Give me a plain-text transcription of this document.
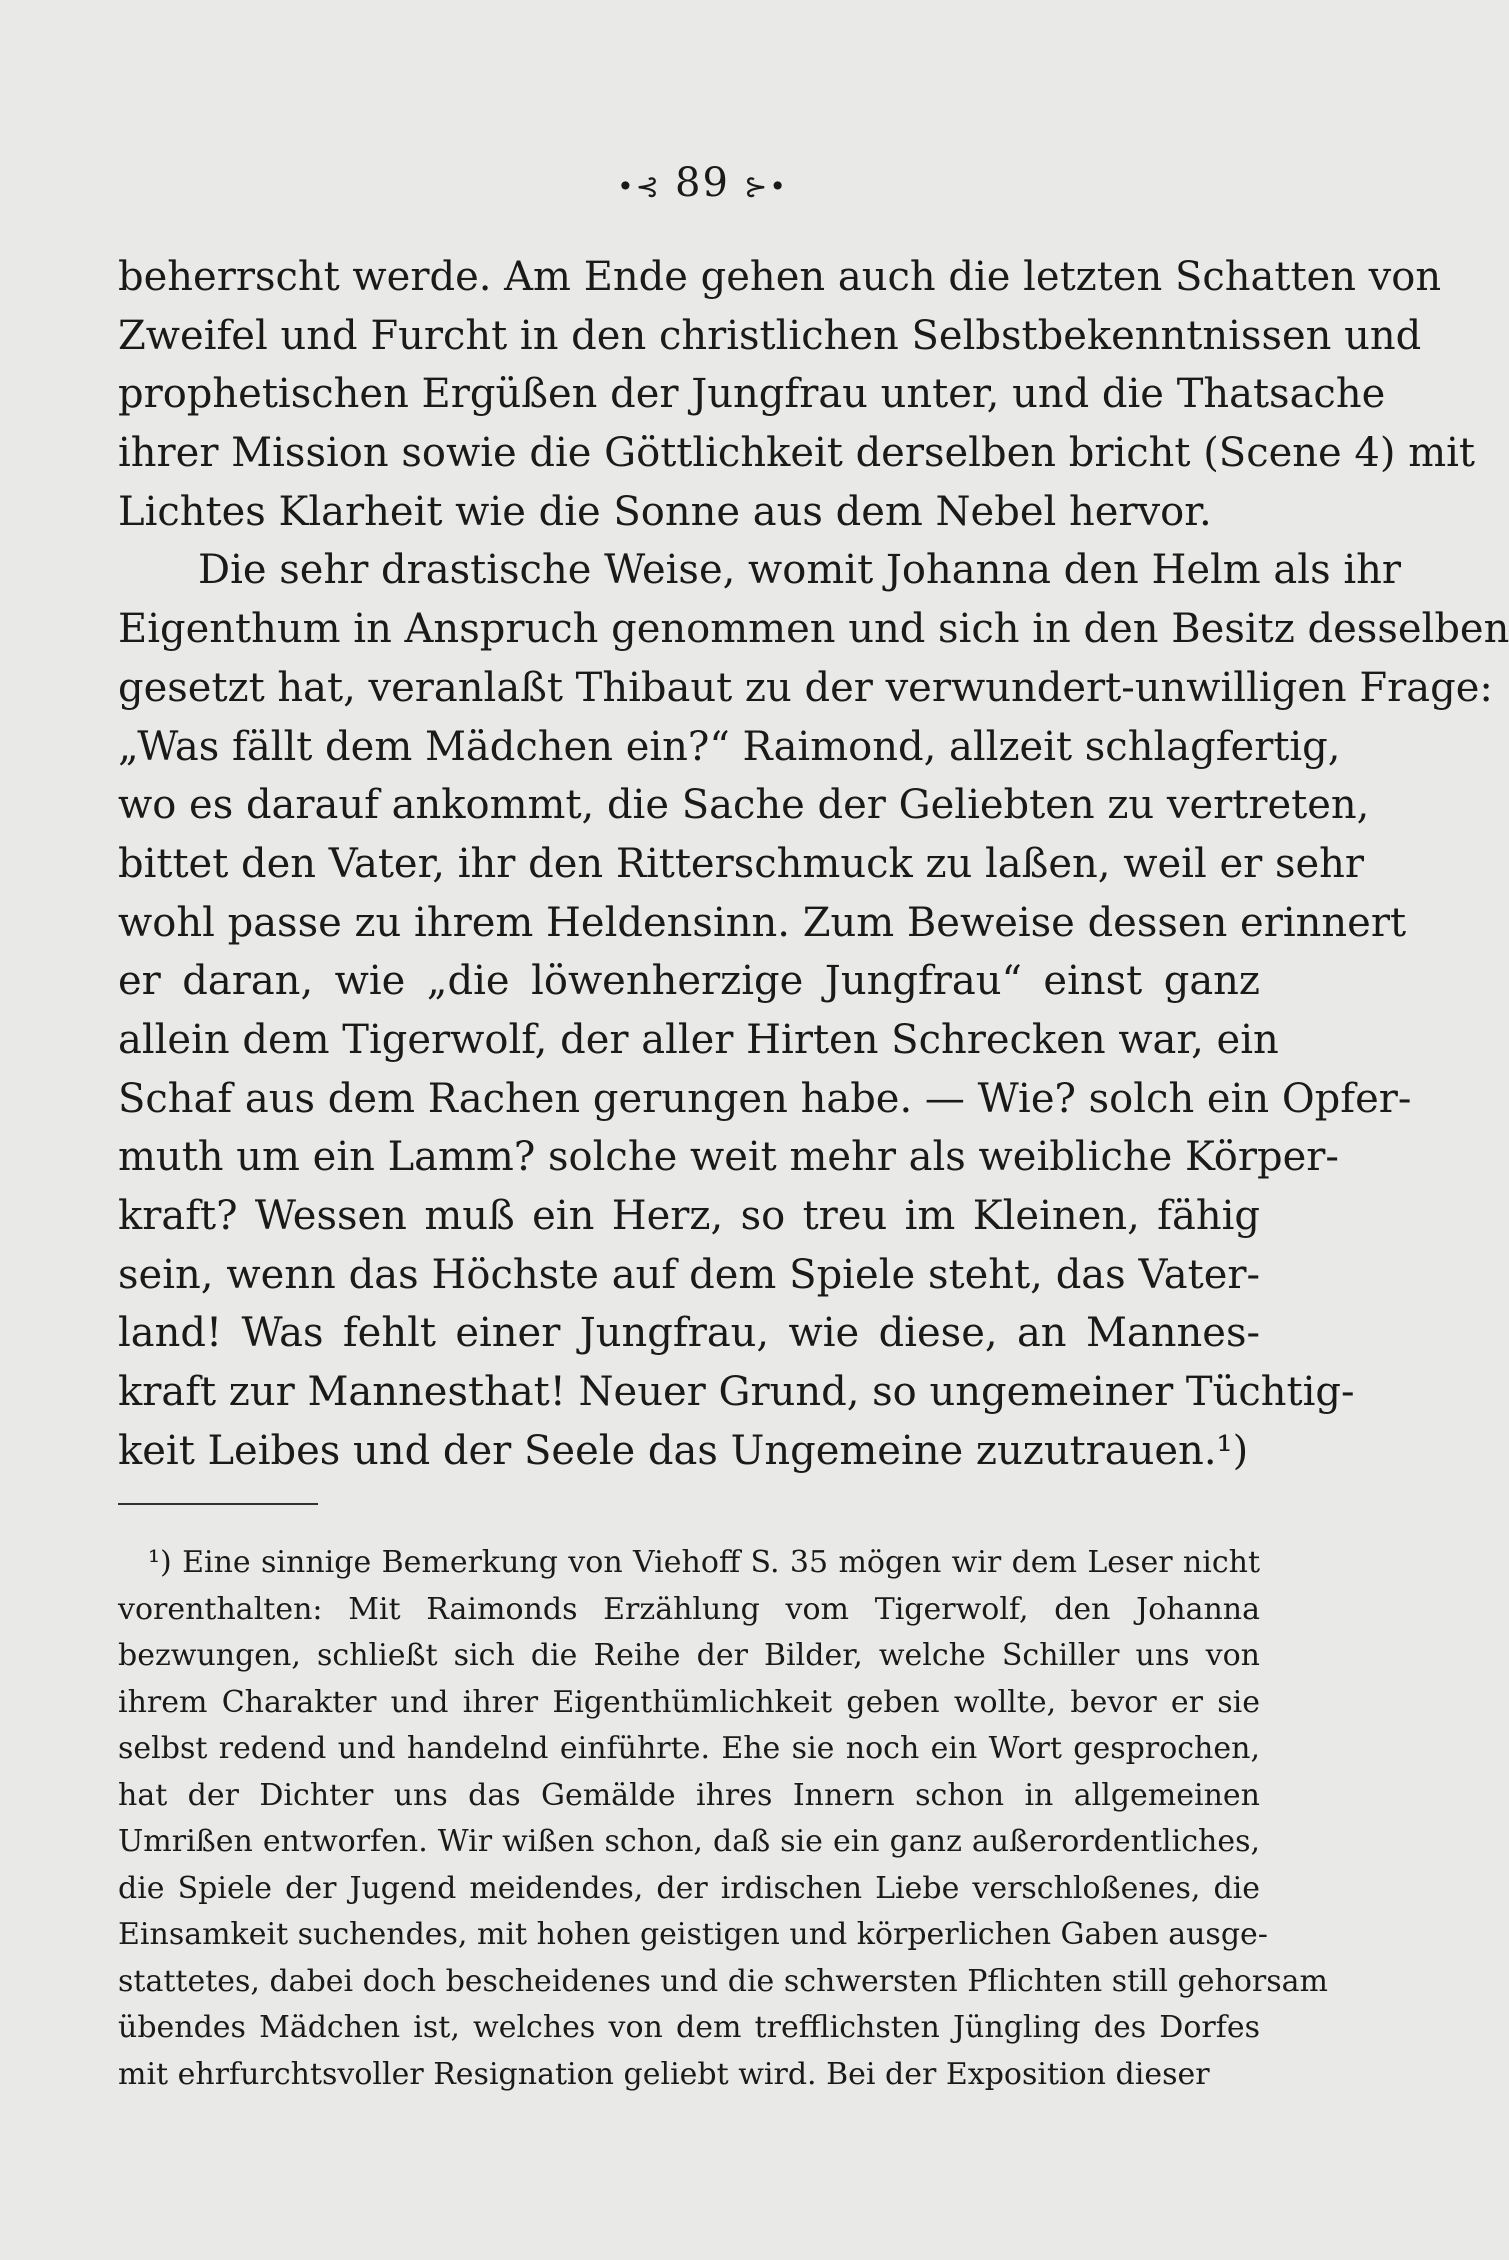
•⊰ 89 ⊱•
beherrscht werde. Am Ende gehen auch die letzten Schatten von
Zweifel und Furcht in den christlichen Selbstbekenntnissen und
prophetischen Ergüßen der Jungfrau unter, und die Thatsache
ihrer Mission sowie die Göttlichkeit derselben bricht (Scene 4) mit
Lichtes Klarheit wie die Sonne aus dem Nebel hervor.
Die sehr drastische Weise, womit Johanna den Helm als ihr
Eigenthum in Anspruch genommen und sich in den Besitz desselben
gesetzt hat, veranlaßt Thibaut zu der verwundert-unwilligen Frage:
„Was fällt dem Mädchen ein?“ Raimond, allzeit schlagfertig,
wo es darauf ankommt, die Sache der Geliebten zu vertreten,
bittet den Vater, ihr den Ritterschmuck zu laßen, weil er sehr
wohl passe zu ihrem Heldensinn. Zum Beweise dessen erinnert
er daran, wie „die löwenherzige Jungfrau“ einst ganz
allein dem Tigerwolf, der aller Hirten Schrecken war, ein
Schaf aus dem Rachen gerungen habe. — Wie? solch ein Opfer-
muth um ein Lamm? solche weit mehr als weibliche Körper-
kraft? Wessen muß ein Herz, so treu im Kleinen, fähig
sein, wenn das Höchste auf dem Spiele steht, das Vater-
land! Was fehlt einer Jungfrau, wie diese, an Mannes-
kraft zur Mannesthat! Neuer Grund, so ungemeiner Tüchtig-
keit Leibes und der Seele das Ungemeine zuzutrauen.¹)
¹) Eine sinnige Bemerkung von Viehoff S. 35 mögen wir dem Leser nicht
vorenthalten: Mit Raimonds Erzählung vom Tigerwolf, den Johanna
bezwungen, schließt sich die Reihe der Bilder, welche Schiller uns von
ihrem Charakter und ihrer Eigenthümlichkeit geben wollte, bevor er sie
selbst redend und handelnd einführte. Ehe sie noch ein Wort gesprochen,
hat der Dichter uns das Gemälde ihres Innern schon in allgemeinen
Umrißen entworfen. Wir wißen schon, daß sie ein ganz außerordentliches,
die Spiele der Jugend meidendes, der irdischen Liebe verschloßenes, die
Einsamkeit suchendes, mit hohen geistigen und körperlichen Gaben ausge-
stattetes, dabei doch bescheidenes und die schwersten Pflichten still gehorsam
übendes Mädchen ist, welches von dem trefflichsten Jüngling des Dorfes
mit ehrfurchtsvoller Resignation geliebt wird. Bei der Exposition dieser
